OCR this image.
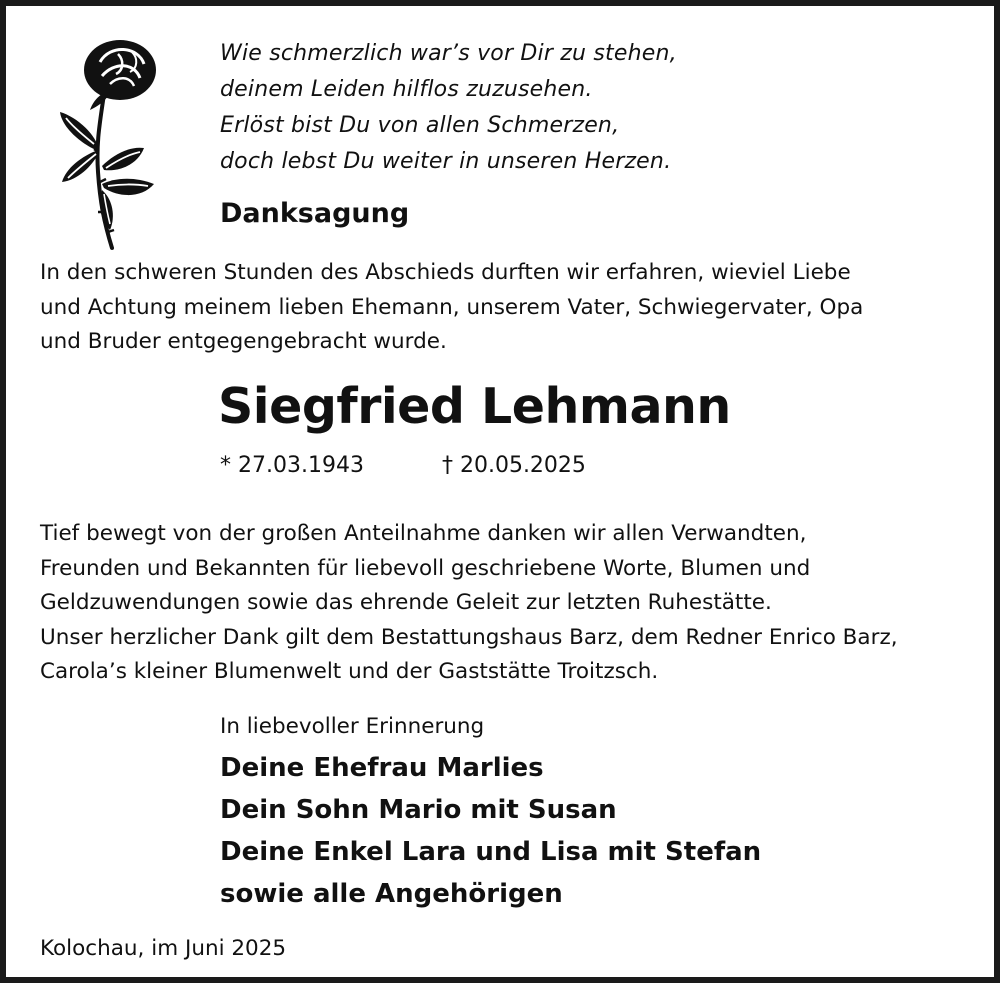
Wie schmerzlich war’s vor Dir zu stehen,
deinem Leiden hilflos zuzusehen.
Erlöst bist Du von allen Schmerzen,
doch lebst Du weiter in unseren Herzen.
Danksagung
In den schweren Stunden des Abschieds durften wir erfahren, wieviel Liebe
und Achtung meinem lieben Ehemann, unserem Vater, Schwiegervater, Opa
und Bruder entgegengebracht wurde.
Siegfried Lehmann
* 27.03.1943	† 20.05.2025
Tief bewegt von der großen Anteilnahme danken wir allen Verwandten,
Freunden und Bekannten für liebevoll geschriebene Worte, Blumen und
Geldzuwendungen sowie das ehrende Geleit zur letzten Ruhestätte.
Unser herzlicher Dank gilt dem Bestattungshaus Barz, dem Redner Enrico Barz,
Carola’s kleiner Blumenwelt und der Gaststätte Troitzsch.
In liebevoller Erinnerung
Deine Ehefrau Marlies
Dein Sohn Mario mit Susan
Deine Enkel Lara und Lisa mit Stefan
sowie alle Angehörigen
Kolochau, im Juni 2025
